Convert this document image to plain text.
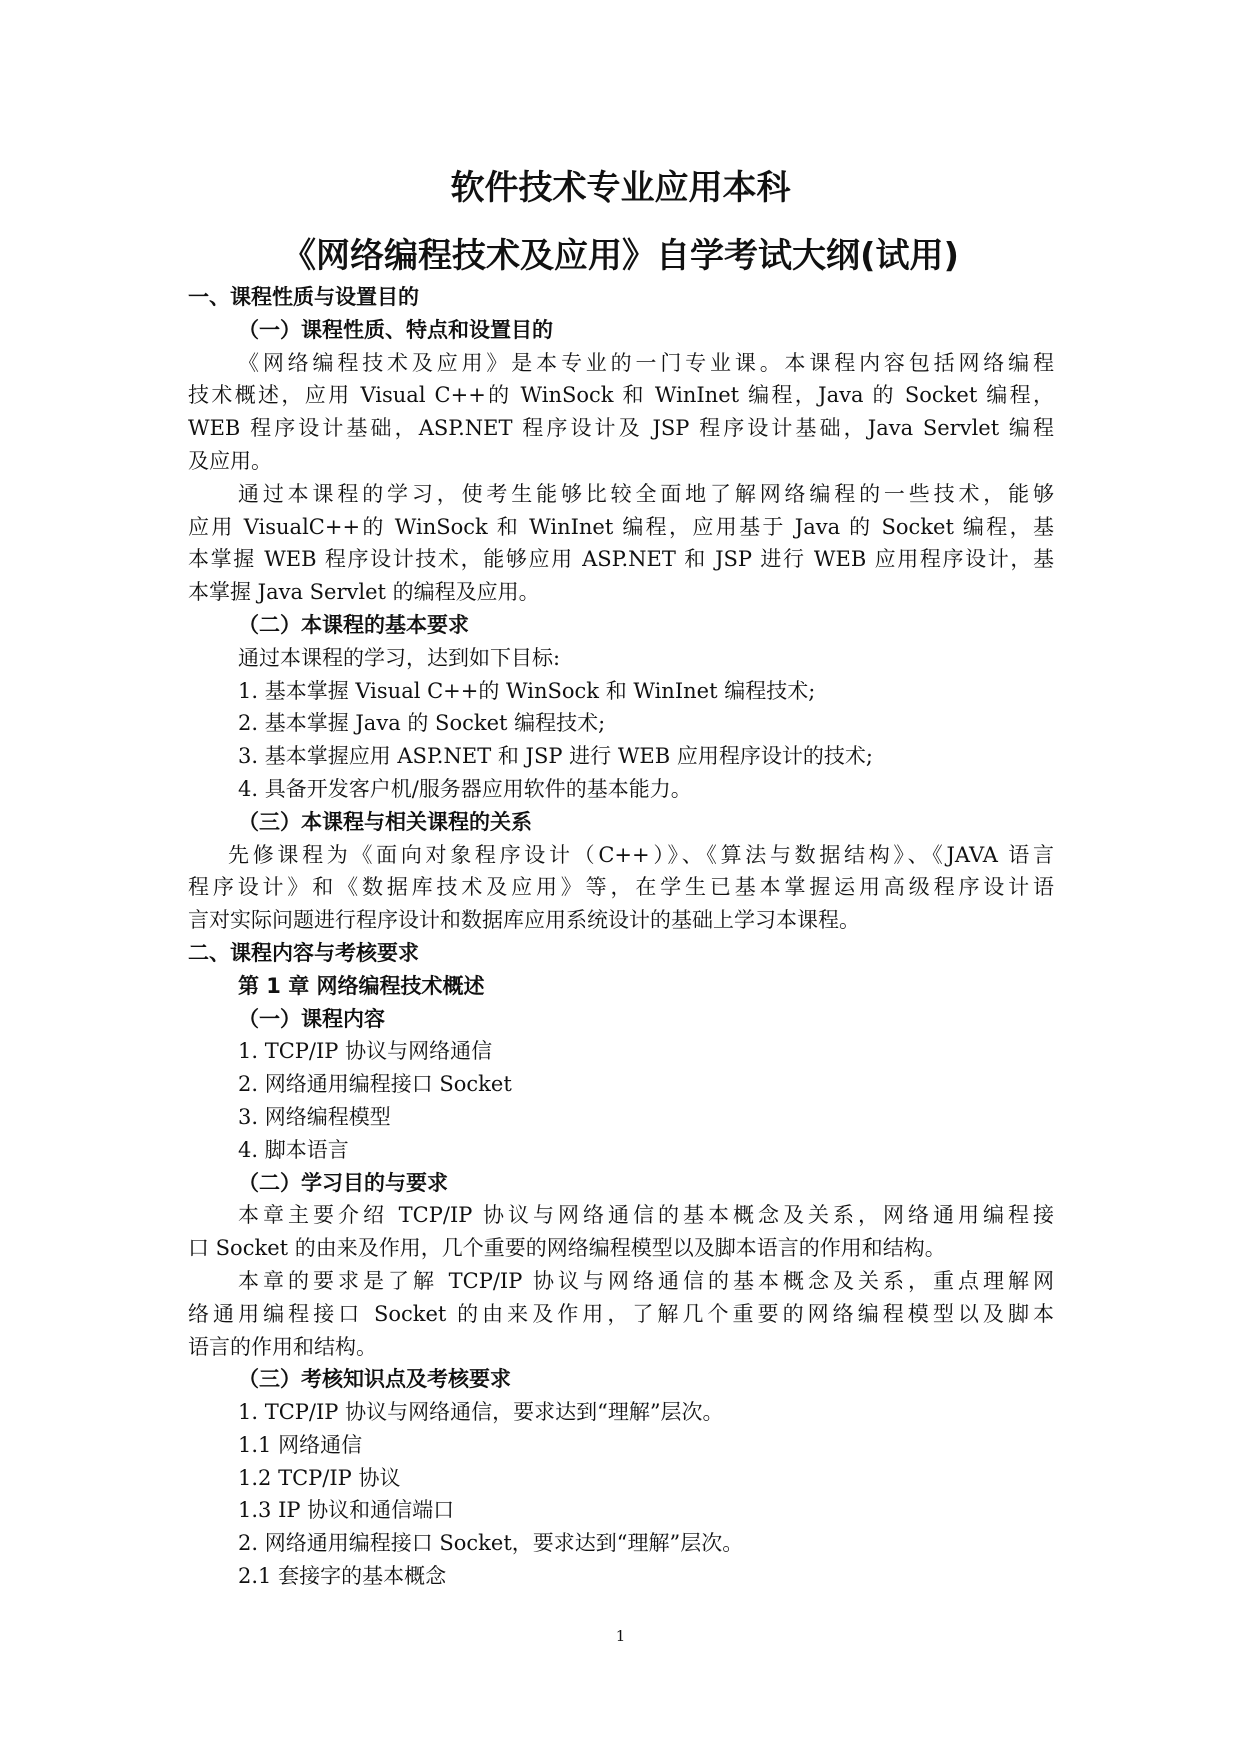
软件技术专业应用本科
《网络编程技术及应用》自学考试大纲(试用)
一、课程性质与设置目的
（一）课程性质、特点和设置目的
《网络编程技术及应用》是本专业的一门专业课。本课程内容包括网络编程
技术概述，应用 Visual C++的 WinSock 和 WinInet 编程，Java 的 Socket 编程，
WEB 程序设计基础，ASP.NET 程序设计及 JSP 程序设计基础，Java Servlet 编程
及应用。
通过本课程的学习，使考生能够比较全面地了解网络编程的一些技术，能够
应用 VisualC++的 WinSock 和 WinInet 编程，应用基于 Java 的 Socket 编程，基
本掌握 WEB 程序设计技术，能够应用 ASP.NET 和 JSP 进行 WEB 应用程序设计，基
本掌握 Java Servlet 的编程及应用。
（二）本课程的基本要求
通过本课程的学习，达到如下目标:
1. 基本掌握 Visual C++的 WinSock 和 WinInet 编程技术;
2. 基本掌握 Java 的 Socket 编程技术;
3. 基本掌握应用 ASP.NET 和 JSP 进行 WEB 应用程序设计的技术;
4. 具备开发客户机/服务器应用软件的基本能力。
（三）本课程与相关课程的关系
先修课程为《面向对象程序设计（C++）》、《算法与数据结构》、《JAVA 语言
程序设计》和《数据库技术及应用》等，在学生已基本掌握运用高级程序设计语
言对实际问题进行程序设计和数据库应用系统设计的基础上学习本课程。
二、课程内容与考核要求
第 1 章 网络编程技术概述
（一）课程内容
1. TCP/IP 协议与网络通信
2. 网络通用编程接口 Socket
3. 网络编程模型
4. 脚本语言
（二）学习目的与要求
本章主要介绍 TCP/IP 协议与网络通信的基本概念及关系，网络通用编程接
口 Socket 的由来及作用，几个重要的网络编程模型以及脚本语言的作用和结构。
本章的要求是了解 TCP/IP 协议与网络通信的基本概念及关系，重点理解网
络通用编程接口 Socket 的由来及作用，了解几个重要的网络编程模型以及脚本
语言的作用和结构。
（三）考核知识点及考核要求
1. TCP/IP 协议与网络通信，要求达到“理解”层次。
1.1 网络通信
1.2 TCP/IP 协议
1.3 IP 协议和通信端口
2. 网络通用编程接口 Socket，要求达到“理解”层次。
2.1 套接字的基本概念
1
